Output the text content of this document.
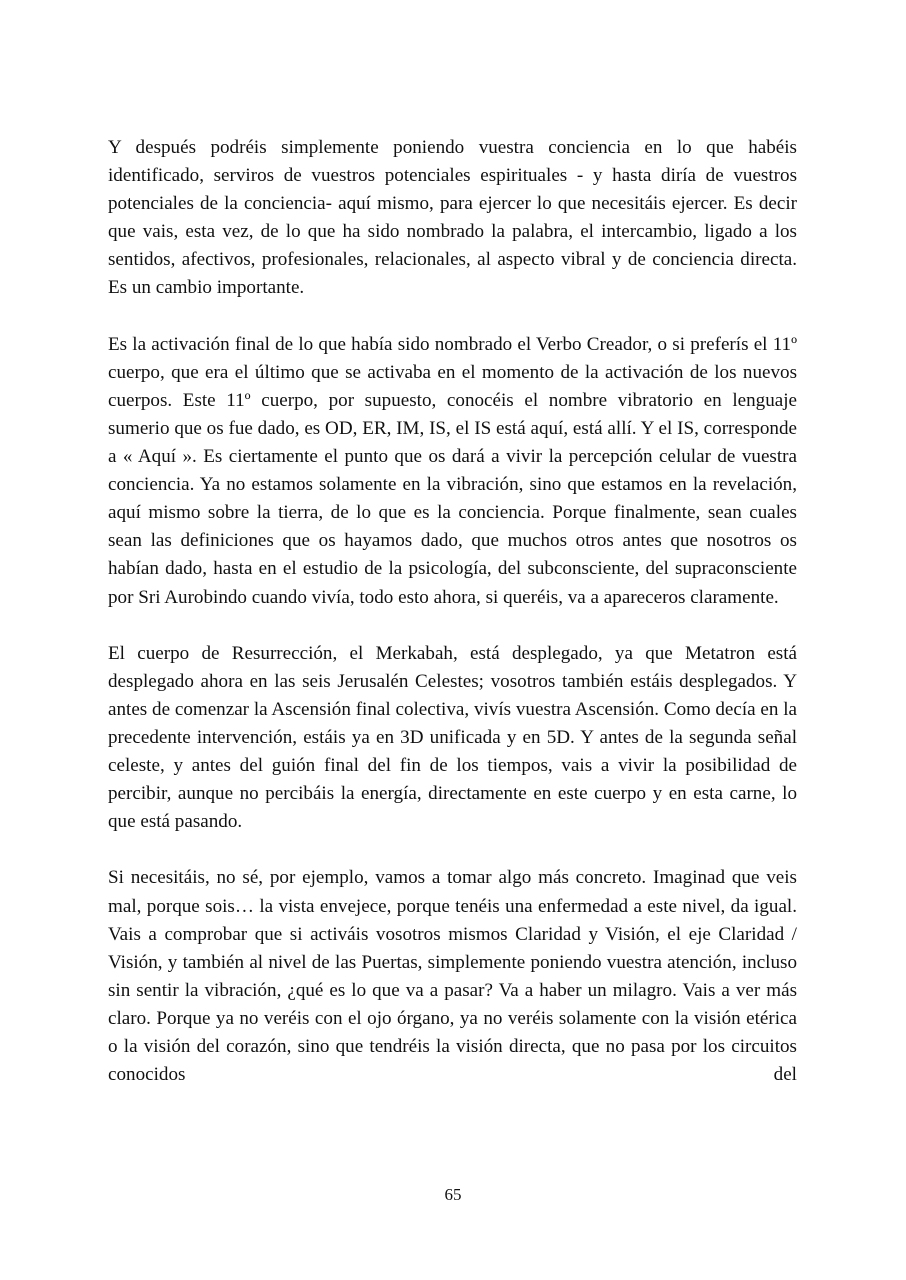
Y después podréis simplemente poniendo vuestra conciencia en lo que habéis identificado, serviros de vuestros potenciales espirituales - y hasta diría de vuestros potenciales de la conciencia- aquí mismo, para ejercer lo que necesitáis ejercer. Es decir que vais, esta vez, de lo que ha sido nombrado la palabra, el intercambio, ligado a los sentidos, afectivos, profesionales, relacionales, al aspecto vibral y de conciencia directa. Es un cambio importante.

Es la activación final de lo que había sido nombrado el Verbo Creador, o si preferís el 11º cuerpo, que era el último que se activaba en el momento de la activación de los nuevos cuerpos. Este 11º cuerpo, por supuesto, conocéis el nombre vibratorio en lenguaje sumerio que os fue dado, es OD, ER, IM, IS, el IS está aquí, está allí. Y el IS, corresponde a « Aquí ». Es ciertamente el punto que os dará a vivir la percepción celular de vuestra conciencia. Ya no estamos solamente en la vibración, sino que estamos en la revelación, aquí mismo sobre la tierra, de lo que es la conciencia. Porque finalmente, sean cuales sean las definiciones que os hayamos dado, que muchos otros antes que nosotros os habían dado, hasta en el estudio de la psicología, del subconsciente, del supraconsciente por Sri Aurobindo cuando vivía, todo esto ahora, si queréis, va a apareceros claramente.

El cuerpo de Resurrección, el Merkabah, está desplegado, ya que Metatron está desplegado ahora en las seis Jerusalén Celestes; vosotros también estáis desplegados. Y antes de comenzar la Ascensión final colectiva, vivís vuestra Ascensión. Como decía en la precedente intervención, estáis ya en 3D unificada y en 5D. Y antes de la segunda señal celeste, y antes del guión final del fin de los tiempos, vais a vivir la posibilidad de percibir, aunque no percibáis la energía, directamente en este cuerpo y en esta carne, lo que está pasando.

Si necesitáis, no sé, por ejemplo, vamos a tomar algo más concreto. Imaginad que veis mal, porque sois… la vista envejece, porque tenéis una enfermedad a este nivel, da igual. Vais a comprobar que si activáis vosotros mismos Claridad y Visión, el eje Claridad / Visión, y también al nivel de las Puertas, simplemente poniendo vuestra atención, incluso sin sentir la vibración, ¿qué es lo que va a pasar? Va a haber un milagro. Vais a ver más claro. Porque ya no veréis con el ojo órgano, ya no veréis solamente con la visión etérica o la visión del corazón, sino que tendréis la visión directa, que no pasa por los circuitos conocidos del

65
